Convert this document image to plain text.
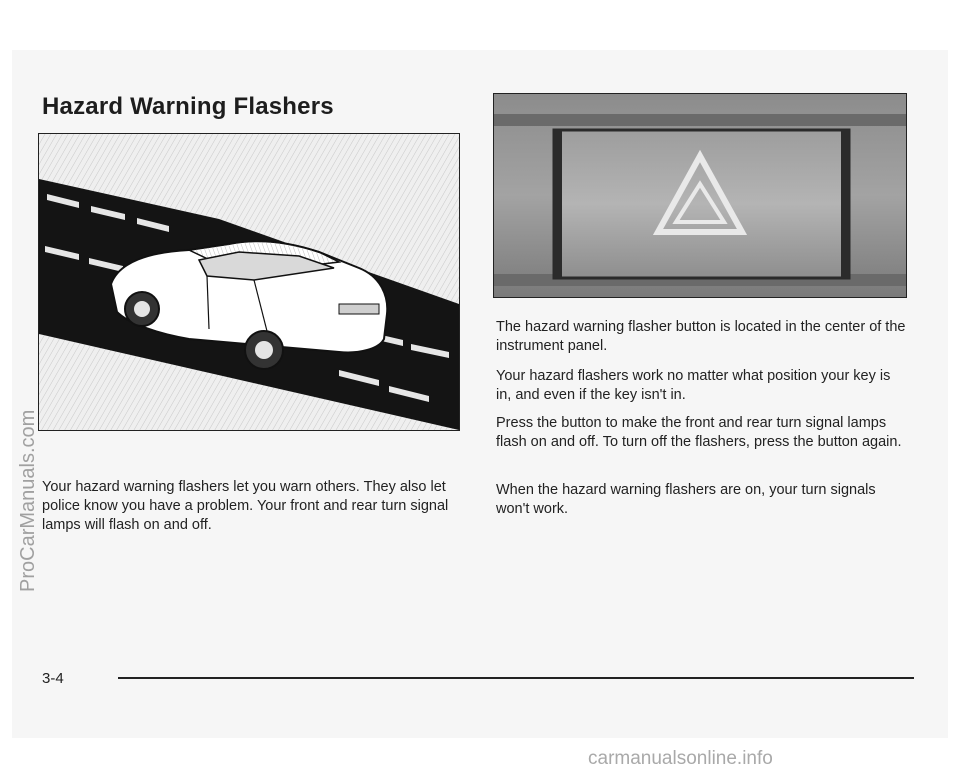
Hazard Warning Flashers

Your hazard warning flashers let you warn others. They also let police know you have a problem. Your front and rear turn signal lamps will flash on and off.

The hazard warning flasher button is located in the center of the instrument panel.

Your hazard flashers work no matter what position your key is in, and even if the key isn't in.

Press the button to make the front and rear turn signal lamps flash on and off. To turn off the flashers, press the button again.

When the hazard warning flashers are on, your turn signals won't work.

3-4
ProCarManuals.com
carmanualsonline.info
